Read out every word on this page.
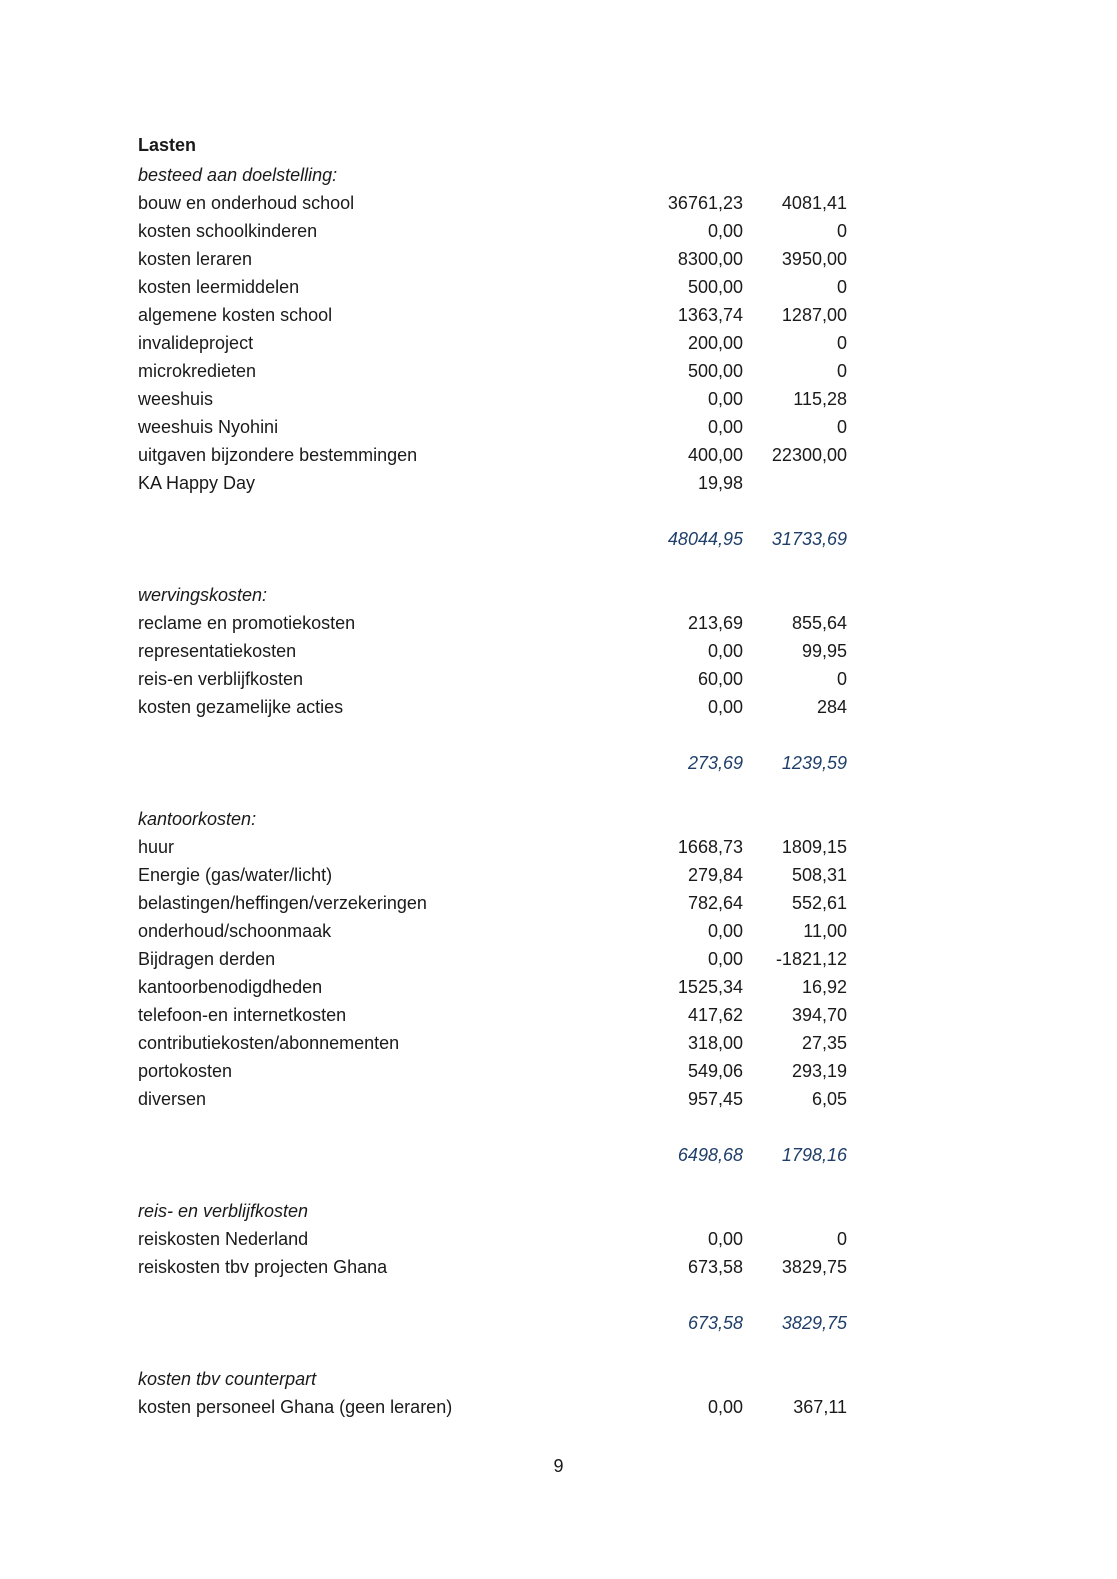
Lasten
besteed aan doelstelling:
bouw en onderhoud school	36761,23 4081,41
kosten schoolkinderen	0,00	0
kosten leraren	8300,00 3950,00
kosten leermiddelen	500,00	0
algemene kosten school	1363,74 1287,00
invalideproject	200,00	0
microkredieten	500,00	0
weeshuis	0,00	115,28
weeshuis Nyohini	0,00	0
uitgaven bijzondere bestemmingen	400,00 22300,00
KA Happy Day	19,98
48044,95 31733,69
wervingskosten:
reclame en promotiekosten	213,69	855,64
representatiekosten	0,00	99,95
reis-en verblijfkosten	60,00	0
kosten gezamelijke acties	0,00	284
273,69 1239,59
kantoorkosten:
huur	1668,73 1809,15
Energie (gas/water/licht)	279,84	508,31
belastingen/heffingen/verzekeringen	782,64	552,61
onderhoud/schoonmaak	0,00	11,00
Bijdragen derden	0,00 -1821,12
kantoorbenodigdheden	1525,34	16,92
telefoon-en internetkosten	417,62	394,70
contributiekosten/abonnementen	318,00	27,35
portokosten	549,06	293,19
diversen	957,45	6,05
6498,68 1798,16
reis- en verblijfkosten
reiskosten Nederland	0,00	0
reiskosten tbv projecten Ghana	673,58 3829,75
673,58 3829,75
kosten tbv counterpart
kosten personeel Ghana (geen leraren)	0,00	367,11
9
